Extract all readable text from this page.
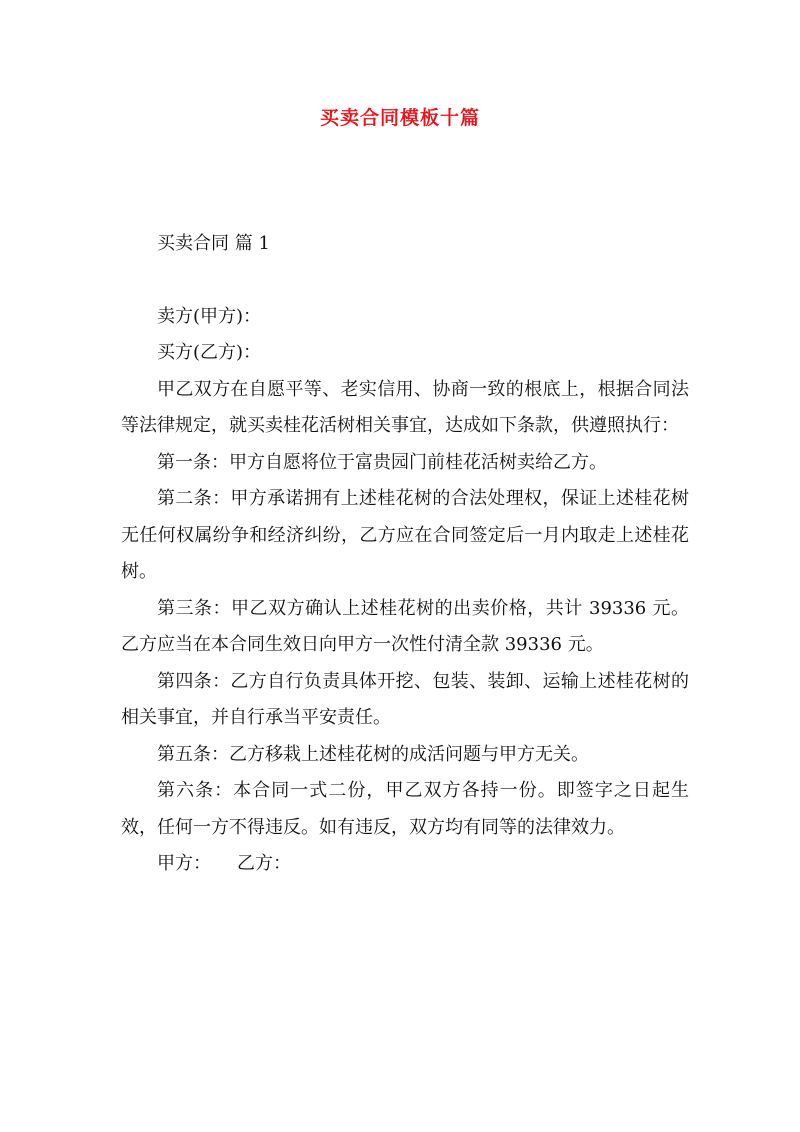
买卖合同模板十篇

买卖合同 篇 1

卖方(甲方)：

买方(乙方)：

甲乙双方在自愿平等、老实信用、协商一致的根底上，根据合同法等法律规定，就买卖桂花活树相关事宜，达成如下条款，供遵照执行：

第一条：甲方自愿将位于富贵园门前桂花活树卖给乙方。

第二条：甲方承诺拥有上述桂花树的合法处理权，保证上述桂花树无任何权属纷争和经济纠纷，乙方应在合同签定后一月内取走上述桂花树。

第三条：甲乙双方确认上述桂花树的出卖价格，共计 39336 元。乙方应当在本合同生效日向甲方一次性付清全款 39336 元。

第四条：乙方自行负责具体开挖、包装、装卸、运输上述桂花树的相关事宜，并自行承当平安责任。

第五条：乙方移栽上述桂花树的成活问题与甲方无关。

第六条：本合同一式二份，甲乙双方各持一份。即签字之日起生效，任何一方不得违反。如有违反，双方均有同等的法律效力。

甲方： 乙方：
